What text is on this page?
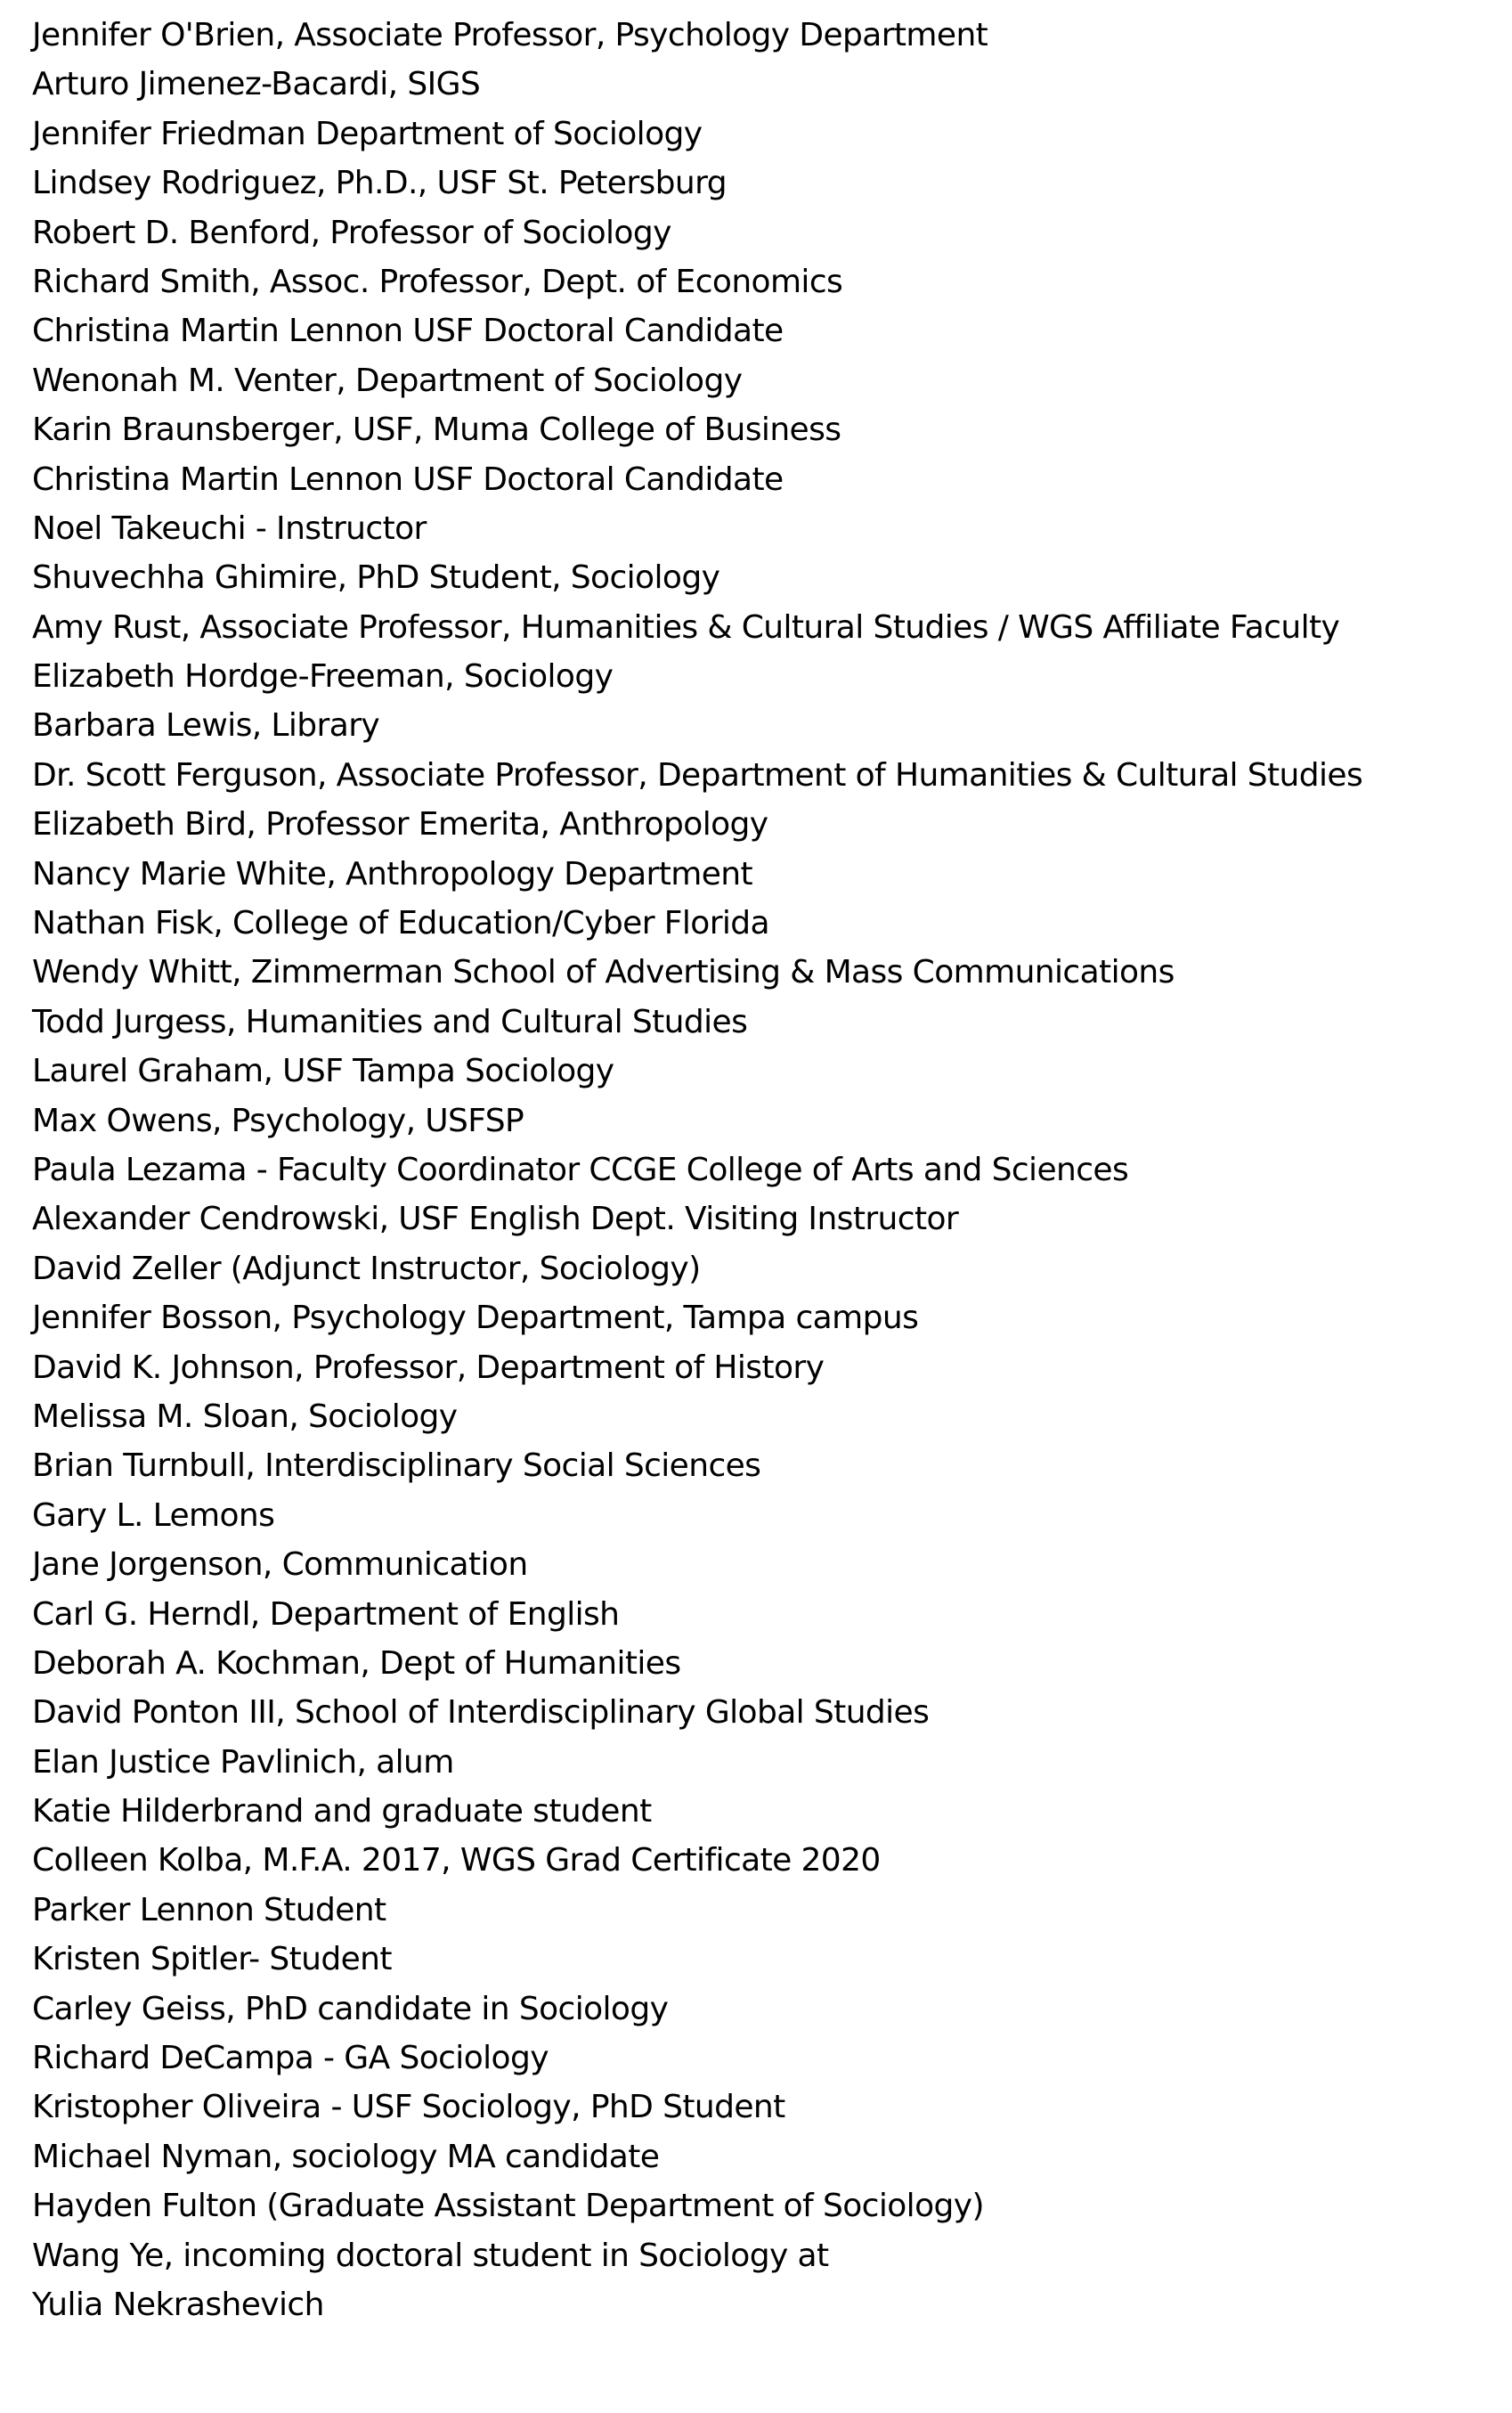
Jennifer O'Brien, Associate Professor, Psychology Department
Arturo Jimenez-Bacardi, SIGS
Jennifer Friedman Department of Sociology
Lindsey Rodriguez, Ph.D., USF St. Petersburg
Robert D. Benford, Professor of Sociology
Richard Smith, Assoc. Professor, Dept. of Economics
Christina Martin Lennon USF Doctoral Candidate
Wenonah M. Venter, Department of Sociology
Karin Braunsberger, USF, Muma College of Business
Christina Martin Lennon USF Doctoral Candidate
Noel Takeuchi - Instructor
Shuvechha Ghimire, PhD Student, Sociology
Amy Rust, Associate Professor, Humanities & Cultural Studies / WGS Affiliate Faculty
Elizabeth Hordge-Freeman, Sociology
Barbara Lewis, Library
Dr. Scott Ferguson, Associate Professor, Department of Humanities & Cultural Studies
Elizabeth Bird, Professor Emerita, Anthropology
Nancy Marie White, Anthropology Department
Nathan Fisk, College of Education/Cyber Florida
Wendy Whitt, Zimmerman School of Advertising & Mass Communications
Todd Jurgess, Humanities and Cultural Studies
Laurel Graham, USF Tampa Sociology
Max Owens, Psychology, USFSP
Paula Lezama - Faculty Coordinator CCGE College of Arts and Sciences
Alexander Cendrowski, USF English Dept. Visiting Instructor
David Zeller (Adjunct Instructor, Sociology)
Jennifer Bosson, Psychology Department, Tampa campus
David K. Johnson, Professor, Department of History
Melissa M. Sloan, Sociology
Brian Turnbull, Interdisciplinary Social Sciences
Gary L. Lemons
Jane Jorgenson, Communication
Carl G. Herndl, Department of English
Deborah A. Kochman, Dept of Humanities
David Ponton III, School of Interdisciplinary Global Studies
Elan Justice Pavlinich, alum
Katie Hilderbrand and graduate student
Colleen Kolba, M.F.A. 2017, WGS Grad Certificate 2020
Parker Lennon Student
Kristen Spitler- Student
Carley Geiss, PhD candidate in Sociology
Richard DeCampa - GA Sociology
Kristopher Oliveira - USF Sociology, PhD Student
Michael Nyman, sociology MA candidate
Hayden Fulton (Graduate Assistant Department of Sociology)
Wang Ye, incoming doctoral student in Sociology at
Yulia Nekrashevich
